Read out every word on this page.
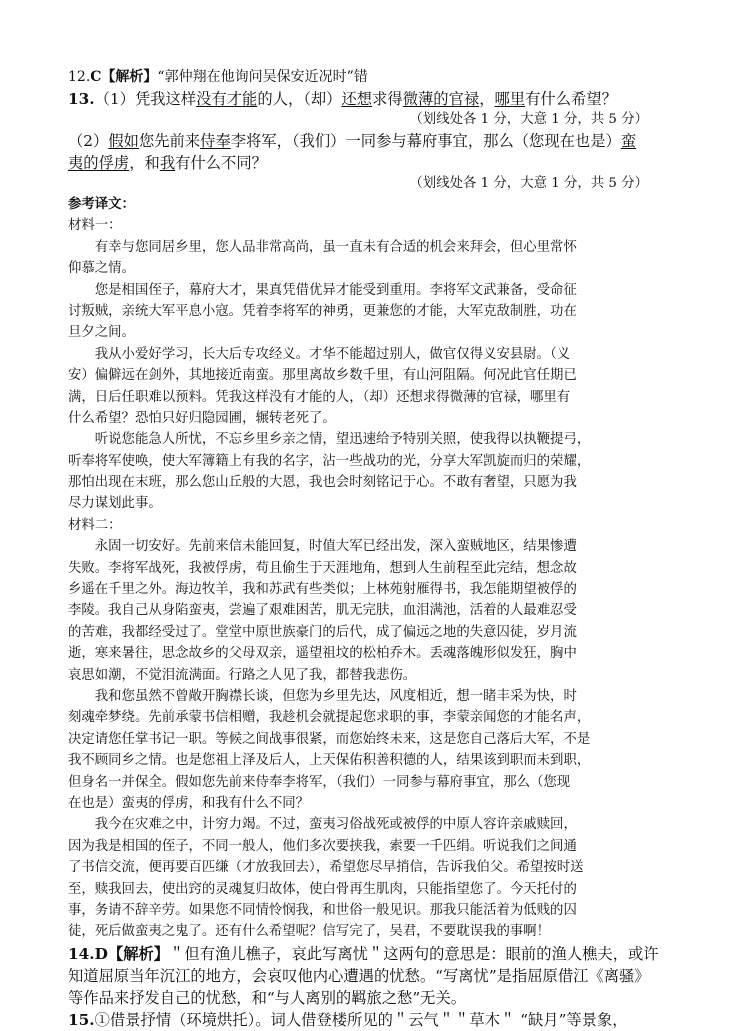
12.C【解析】“郭仲翔在他询问吴保安近况时”错
13.（1）凭我这样没有才能的人，（却）还想求得微薄的官禄，哪里有什么希望？
（划线处各 1 分，大意 1 分，共 5 分）
（2）假如您先前来侍奉李将军，（我们）一同参与幕府事宜，那么（您现在也是）蛮
夷的俘虏，和我有什么不同？
（划线处各 1 分，大意 1 分，共 5 分）
参考译文：
材料一：
　　有幸与您同居乡里，您人品非常高尚，虽一直未有合适的机会来拜会，但心里常怀
仰慕之情。
　　您是相国侄子，幕府大才，果真凭借优异才能受到重用。李将军文武兼备，受命征
讨叛贼，亲统大军平息小寇。凭着李将军的神勇，更兼您的才能，大军克敌制胜，功在
旦夕之间。
　　我从小爱好学习，长大后专攻经义。才华不能超过别人，做官仅得义安县尉。（义
安）偏僻远在剑外，其地接近南蛮。那里离故乡数千里，有山河阻隔。何况此官任期已
满，日后任职难以预料。凭我这样没有才能的人，（却）还想求得微薄的官禄，哪里有
什么希望？恐怕只好归隐园圃，辗转老死了。
　　听说您能急人所忧，不忘乡里乡亲之情，望迅速给予特别关照，使我得以执鞭提弓，
听奉将军使唤，使大军簿籍上有我的名字，沾一些战功的光，分享大军凯旋而归的荣耀，
那怕出现在末班，那么您山丘般的大恩，我也会时刻铭记于心。不敢有奢望，只愿为我
尽力谋划此事。
材料二：
　　永固一切安好。先前来信未能回复，时值大军已经出发，深入蛮贼地区，结果惨遭
失败。李将军战死，我被俘虏，苟且偷生于天涯地角，想到人生前程至此完结，想念故
乡遥在千里之外。海边牧羊，我和苏武有些类似；上林苑射雁得书，我怎能期望被俘的
李陵。我自己从身陷蛮夷，尝遍了艰难困苦，肌无完肤，血泪满池，活着的人最难忍受
的苦难，我都经受过了。堂堂中原世族豪门的后代，成了偏远之地的失意囚徒，岁月流
逝，寒来暑往，思念故乡的父母双亲，遥望祖坟的松柏乔木。丢魂落魄形似发狂，胸中
哀思如潮，不觉泪流满面。行路之人见了我，都替我悲伤。
　　我和您虽然不曾敞开胸襟长谈，但您为乡里先达，风度相近，想一睹丰采为快，时
刻魂牵梦绕。先前承蒙书信相赠，我趁机会就提起您求职的事，李蒙亲闻您的才能名声，
决定请您任掌书记一职。等候之间战事很紧，而您始终未来，这是您自己落后大军，不是
我不顾同乡之情。也是您祖上泽及后人，上天保佑积善积德的人，结果该到职而未到职，
但身名一并保全。假如您先前来侍奉李将军，（我们）一同参与幕府事宜，那么（您现
在也是）蛮夷的俘虏，和我有什么不同？
　　我今在灾难之中，计穷力竭。不过，蛮夷习俗战死或被俘的中原人容许亲戚赎回，
因为我是相国的侄子，不同一般人，他们多次要挟我，索要一千匹绢。听说我们之间通
了书信交流，便再要百匹缣（才放我回去），希望您尽早捎信，告诉我伯父。希望按时送
至，赎我回去，使出窍的灵魂复归故体，使白骨再生肌肉，只能指望您了。今天托付的
事，务请不辞辛劳。如果您不同情怜悯我，和世俗一般见识。那我只能活着为低贱的囚
徒，死后做蛮夷之鬼了。还有什么希望呢？信写完了，吴君，不要耽误我的事啊！
14.D【解析】＂但有渔儿樵子，哀此写离忧＂这两句的意思是：眼前的渔人樵夫，或许
知道屈原当年沉江的地方，会哀叹他内心遭遇的忧愁。“写离忧”是指屈原借江《离骚》
等作品来抒发自己的忧愁，和“与人离别的羁旅之愁”无关。
15.①借景抒情（环境烘托）。词人借登楼所见的＂云气＂＂草木＂ “缺月”等景象，
